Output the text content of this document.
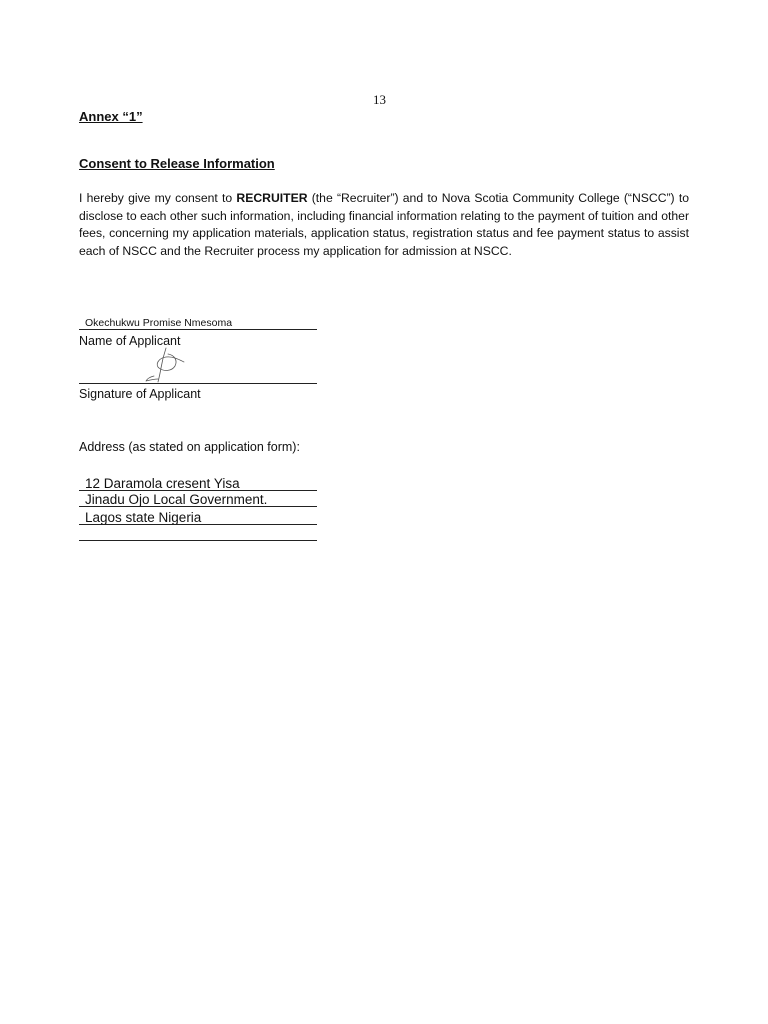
13
Annex “1”
Consent to Release Information

I hereby give my consent to RECRUITER (the “Recruiter”) and to Nova Scotia Community College (“NSCC”) to disclose to each other such information, including financial information relating to the payment of tuition and other fees, concerning my application materials, application status, registration status and fee payment status to assist each of NSCC and the Recruiter process my application for admission at NSCC.

Okechukwu Promise Nmesoma
Name of Applicant
Signature of Applicant
Address (as stated on application form):
12 Daramola cresent Yisa
Jinadu Ojo Local Government.
Lagos state Nigeria
